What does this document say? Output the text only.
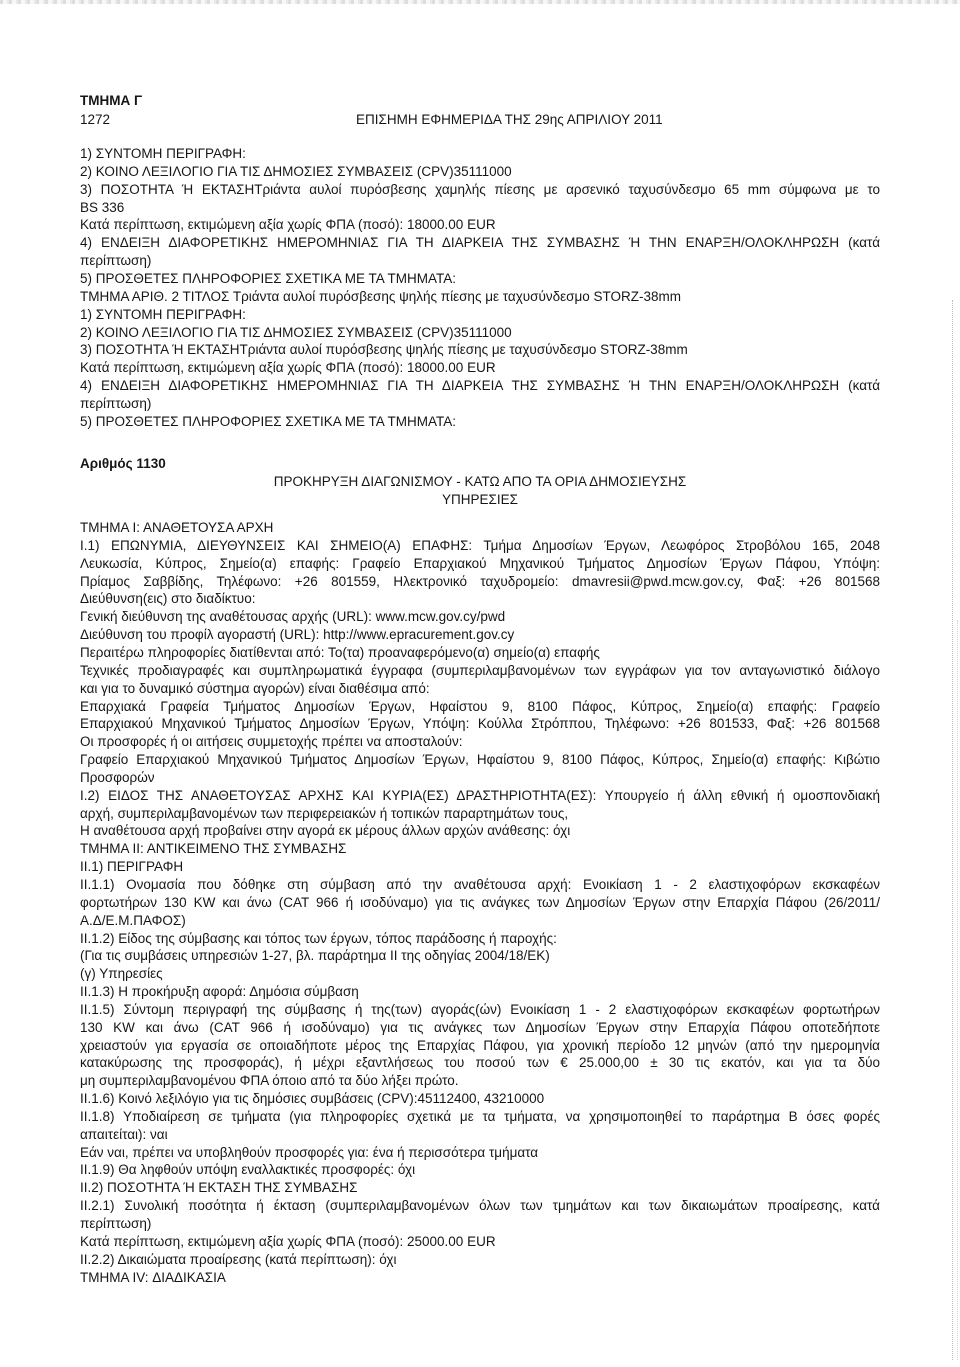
ΤΜΗΜΑ Γ
1272	ΕΠΙΣΗΜΗ ΕΦΗΜΕΡΙΔΑ ΤΗΣ 29ης ΑΠΡΙΛΙΟΥ 2011
1) ΣΥΝΤΟΜΗ ΠΕΡΙΓΡΑΦΗ:
2) ΚΟΙΝΟ ΛΕΞΙΛΟΓΙΟ ΓΙΑ ΤΙΣ ΔΗΜΟΣΙΕΣ ΣΥΜΒΑΣΕΙΣ (CPV)35111000
3) ΠΟΣΟΤΗΤΑ Ή ΕΚΤΑΣΗΤριάντα αυλοί πυρόσβεσης χαμηλής πίεσης με αρσενικό ταχυσύνδεσμο 65 mm σύμφωνα με το
BS 336
Κατά περίπτωση, εκτιμώμενη αξία χωρίς ΦΠΑ (ποσό): 18000.00 EUR
4) ΕΝΔΕΙΞΗ ΔΙΑΦΟΡΕΤΙΚΗΣ ΗΜΕΡΟΜΗΝΙΑΣ ΓΙΑ ΤΗ ΔΙΑΡΚΕΙΑ ΤΗΣ ΣΥΜΒΑΣΗΣ Ή ΤΗΝ ΕΝΑΡΞΗ/ΟΛΟΚΛΗΡΩΣΗ (κατά
περίπτωση)
5) ΠΡΟΣΘΕΤΕΣ ΠΛΗΡΟΦΟΡΙΕΣ ΣΧΕΤΙΚΑ ΜΕ ΤΑ ΤΜΗΜΑΤΑ:
ΤΜΗΜΑ ΑΡΙΘ. 2 ΤΙΤΛΟΣ Τριάντα αυλοί πυρόσβεσης ψηλής πίεσης με ταχυσύνδεσμο STORZ-38mm
1) ΣΥΝΤΟΜΗ ΠΕΡΙΓΡΑΦΗ:
2) ΚΟΙΝΟ ΛΕΞΙΛΟΓΙΟ ΓΙΑ ΤΙΣ ΔΗΜΟΣΙΕΣ ΣΥΜΒΑΣΕΙΣ (CPV)35111000
3) ΠΟΣΟΤΗΤΑ Ή ΕΚΤΑΣΗΤριάντα αυλοί πυρόσβεσης ψηλής πίεσης με ταχυσύνδεσμο STORZ-38mm
Κατά περίπτωση, εκτιμώμενη αξία χωρίς ΦΠΑ (ποσό): 18000.00 EUR
4) ΕΝΔΕΙΞΗ ΔΙΑΦΟΡΕΤΙΚΗΣ ΗΜΕΡΟΜΗΝΙΑΣ ΓΙΑ ΤΗ ΔΙΑΡΚΕΙΑ ΤΗΣ ΣΥΜΒΑΣΗΣ Ή ΤΗΝ ΕΝΑΡΞΗ/ΟΛΟΚΛΗΡΩΣΗ (κατά
περίπτωση)
5) ΠΡΟΣΘΕΤΕΣ ΠΛΗΡΟΦΟΡΙΕΣ ΣΧΕΤΙΚΑ ΜΕ ΤΑ ΤΜΗΜΑΤΑ:
Αριθμός 1130
ΠΡΟΚΗΡΥΞΗ ΔΙΑΓΩΝΙΣΜΟΥ - ΚΑΤΩ ΑΠΟ ΤΑ ΟΡΙΑ ΔΗΜΟΣΙΕΥΣΗΣ
ΥΠΗΡΕΣΙΕΣ
ΤΜΗΜΑ Ι: ΑΝΑΘΕΤΟΥΣΑ ΑΡΧΗ
Ι.1) ΕΠΩΝΥΜΙΑ, ΔΙΕΥΘΥΝΣΕΙΣ ΚΑΙ ΣΗΜΕΙΟ(Α) ΕΠΑΦΗΣ: Τμήμα Δημοσίων Έργων, Λεωφόρος Στροβόλου 165, 2048
Λευκωσία, Κύπρος, Σημείο(α) επαφής: Γραφείο Επαρχιακού Μηχανικού Τμήματος Δημοσίων Έργων Πάφου, Υπόψη:
Πρίαμος Σαββίδης, Τηλέφωνο: +26 801559, Ηλεκτρονικό ταχυδρομείο: dmavresii@pwd.mcw.gov.cy, Φαξ: +26 801568
Διεύθυνση(εις) στο διαδίκτυο:
Γενική διεύθυνση της αναθέτουσας αρχής (URL): www.mcw.gov.cy/pwd
Διεύθυνση του προφίλ αγοραστή (URL): http://www.epracurement.gov.cy
Περαιτέρω πληροφορίες διατίθενται από: Το(τα) προαναφερόμενο(α) σημείο(α) επαφής
Τεχνικές προδιαγραφές και συμπληρωματικά έγγραφα (συμπεριλαμβανομένων των εγγράφων για τον ανταγωνιστικό διάλογο
και για το δυναμικό σύστημα αγορών) είναι διαθέσιμα από:
Επαρχιακά Γραφεία Τμήματος Δημοσίων Έργων, Ηφαίστου 9, 8100 Πάφος, Κύπρος, Σημείο(α) επαφής: Γραφείο
Επαρχιακού Μηχανικού Τμήματος Δημοσίων Έργων, Υπόψη: Κούλλα Στρόππου, Τηλέφωνο: +26 801533, Φαξ: +26 801568
Οι προσφορές ή οι αιτήσεις συμμετοχής πρέπει να αποσταλούν:
Γραφείο Επαρχιακού Μηχανικού Τμήματος Δημοσίων Έργων, Ηφαίστου 9, 8100 Πάφος, Κύπρος, Σημείο(α) επαφής: Κιβώτιο
Προσφορών
Ι.2) ΕΙΔΟΣ ΤΗΣ ΑΝΑΘΕΤΟΥΣΑΣ ΑΡΧΗΣ ΚΑΙ ΚΥΡΙΑ(ΕΣ) ΔΡΑΣΤΗΡΙΟΤΗΤΑ(ΕΣ): Υπουργείο ή άλλη εθνική ή ομοσπονδιακή
αρχή, συμπεριλαμβανομένων των περιφερειακών ή τοπικών παραρτημάτων τους,
Η αναθέτουσα αρχή προβαίνει στην αγορά εκ μέρους άλλων αρχών ανάθεσης: όχι
ΤΜΗΜΑ ΙΙ: ΑΝΤΙΚΕΙΜΕΝΟ ΤΗΣ ΣΥΜΒΑΣΗΣ
ΙΙ.1) ΠΕΡΙΓΡΑΦΗ
ΙΙ.1.1) Ονομασία που δόθηκε στη σύμβαση από την αναθέτουσα αρχή: Ενοικίαση 1 - 2 ελαστιχοφόρων εκσκαφέων
φορτωτήρων 130 KW και άνω (CAT 966 ή ισοδύναμο) για τις ανάγκες των Δημοσίων Έργων στην Επαρχία Πάφου (26/2011/
Α.Δ/Ε.Μ.ΠΑΦΟΣ)
ΙΙ.1.2) Είδος της σύμβασης και τόπος των έργων, τόπος παράδοσης ή παροχής:
(Για τις συμβάσεις υπηρεσιών 1-27, βλ. παράρτημα ΙΙ της οδηγίας 2004/18/ΕΚ)
(γ) Υπηρεσίες
ΙΙ.1.3) Η προκήρυξη αφορά: Δημόσια σύμβαση
ΙΙ.1.5) Σύντομη περιγραφή της σύμβασης ή της(των) αγοράς(ών) Ενοικίαση 1 - 2 ελαστιχοφόρων εκσκαφέων φορτωτήρων
130 KW και άνω (CAT 966 ή ισοδύναμο) για τις ανάγκες των Δημοσίων Έργων στην Επαρχία Πάφου οποτεδήποτε
χρειαστούν για εργασία σε οποιαδήποτε μέρος της Επαρχίας Πάφου, για χρονική περίοδο 12 μηνών (από την ημερομηνία
κατακύρωσης της προσφοράς), ή μέχρι εξαντλήσεως του ποσού των € 25.000,00 ± 30 τις εκατόν, και για τα δύο
μη συμπεριλαμβανομένου ΦΠΑ όποιο από τα δύο λήξει πρώτο.
ΙΙ.1.6) Κοινό λεξιλόγιο για τις δημόσιες συμβάσεις (CPV):45112400, 43210000
ΙΙ.1.8) Υποδιαίρεση σε τμήματα (για πληροφορίες σχετικά με τα τμήματα, να χρησιμοποιηθεί το παράρτημα Β όσες φορές
απαιτείται): ναι
Εάν ναι, πρέπει να υποβληθούν προσφορές για: ένα ή περισσότερα τμήματα
ΙΙ.1.9) Θα ληφθούν υπόψη εναλλακτικές προσφορές: όχι
ΙΙ.2) ΠΟΣΟΤΗΤΑ Ή ΕΚΤΑΣΗ ΤΗΣ ΣΥΜΒΑΣΗΣ
ΙΙ.2.1) Συνολική ποσότητα ή έκταση (συμπεριλαμβανομένων όλων των τμημάτων και των δικαιωμάτων προαίρεσης, κατά
περίπτωση)
Κατά περίπτωση, εκτιμώμενη αξία χωρίς ΦΠΑ (ποσό): 25000.00 EUR
ΙΙ.2.2) Δικαιώματα προαίρεσης (κατά περίπτωση): όχι
ΤΜΗΜΑ IV: ΔΙΑΔΙΚΑΣΙΑ
